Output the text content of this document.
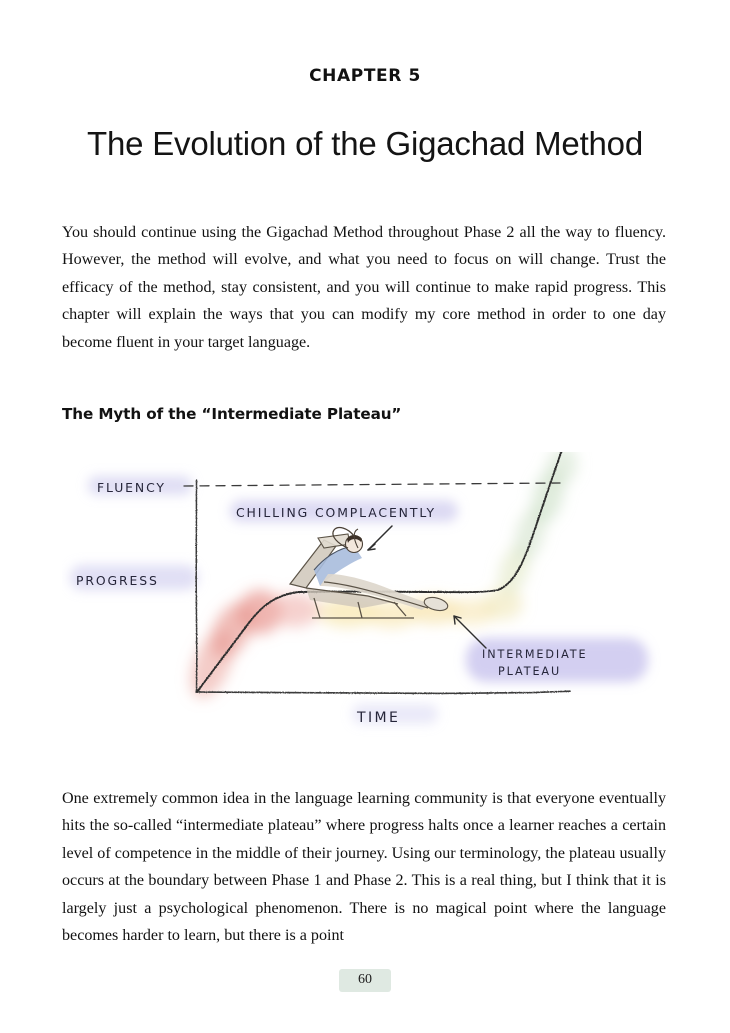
CHAPTER 5
The Evolution of the Gigachad Method

You should continue using the Gigachad Method throughout Phase 2 all the way to fluency. However, the method will evolve, and what you need to focus on will change. Trust the efficacy of the method, stay consistent, and you will continue to make rapid progress. This chapter will explain the ways that you can modify my core method in order to one day become fluent in your target language.

The Myth of the “Intermediate Plateau”
FLUENCY
PROGRESS
TIME
CHILLING COMPLACENTLY
INTERMEDIATE
PLATEAU

One extremely common idea in the language learning community is that everyone eventually hits the so-called “intermediate plateau” where progress halts once a learner reaches a certain level of competence in the middle of their journey. Using our terminology, the plateau usually occurs at the boundary between Phase 1 and Phase 2. This is a real thing, but I think that it is largely just a psychological phenomenon. There is no magical point where the language becomes harder to learn, but there is a point

60
